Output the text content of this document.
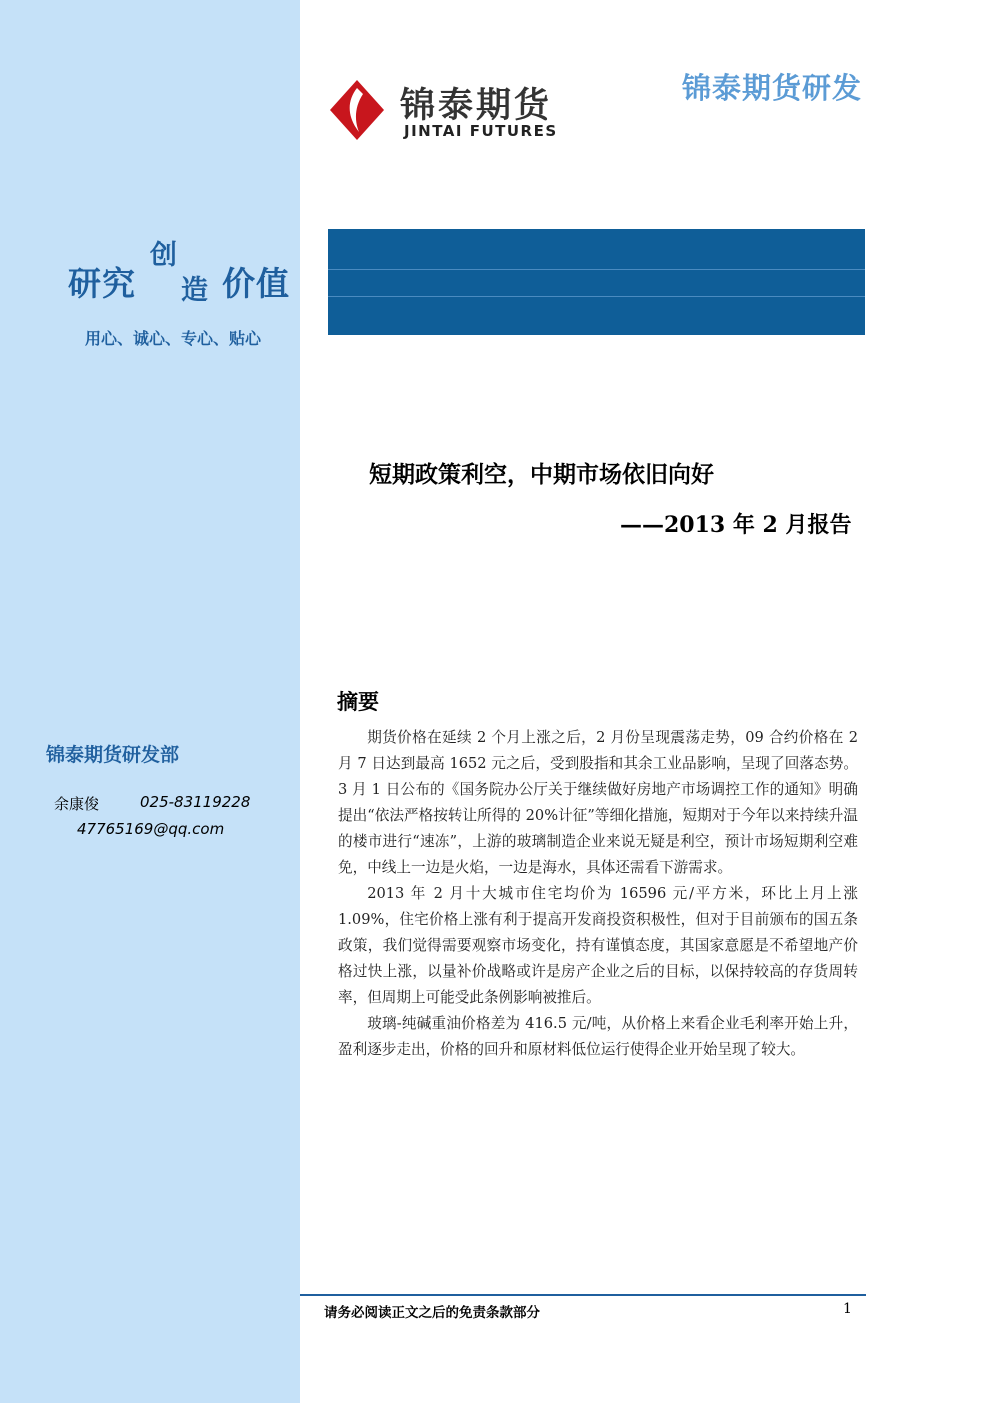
研究
创
造 价值
用心、诚心、专心、贴心
锦泰期货研发部
余康俊	025-83119228
47765169@qq.com
锦泰期货
JINTAI FUTURES
锦泰期货研发
短期政策利空，中期市场依旧向好
——2013 年 2 月报告
摘要

期货价格在延续 2 个月上涨之后，2 月份呈现震荡走势，09 合约价格在 2 月 7 日达到最高 1652 元之后，受到股指和其余工业品影响，呈现了回落态势。3 月 1 日公布的《国务院办公厅关于继续做好房地产市场调控工作的通知》明确提出“依法严格按转让所得的 20%计征”等细化措施，短期对于今年以来持续升温的楼市进行“速冻”，上游的玻璃制造企业来说无疑是利空，预计市场短期利空难免，中线上一边是火焰，一边是海水，具体还需看下游需求。

2013 年 2 月十大城市住宅均价为 16596 元/平方米，环比上月上涨 1.09%，住宅价格上涨有利于提高开发商投资积极性，但对于目前颁布的国五条政策，我们觉得需要观察市场变化，持有谨慎态度，其国家意愿是不希望地产价格过快上涨，以量补价战略或许是房产企业之后的目标，以保持较高的存货周转率，但周期上可能受此条例影响被推后。

玻璃-纯碱重油价格差为 416.5 元/吨，从价格上来看企业毛利率开始上升，盈利逐步走出，价格的回升和原材料低位运行使得企业开始呈现了较大。

请务必阅读正文之后的免责条款部分	1
